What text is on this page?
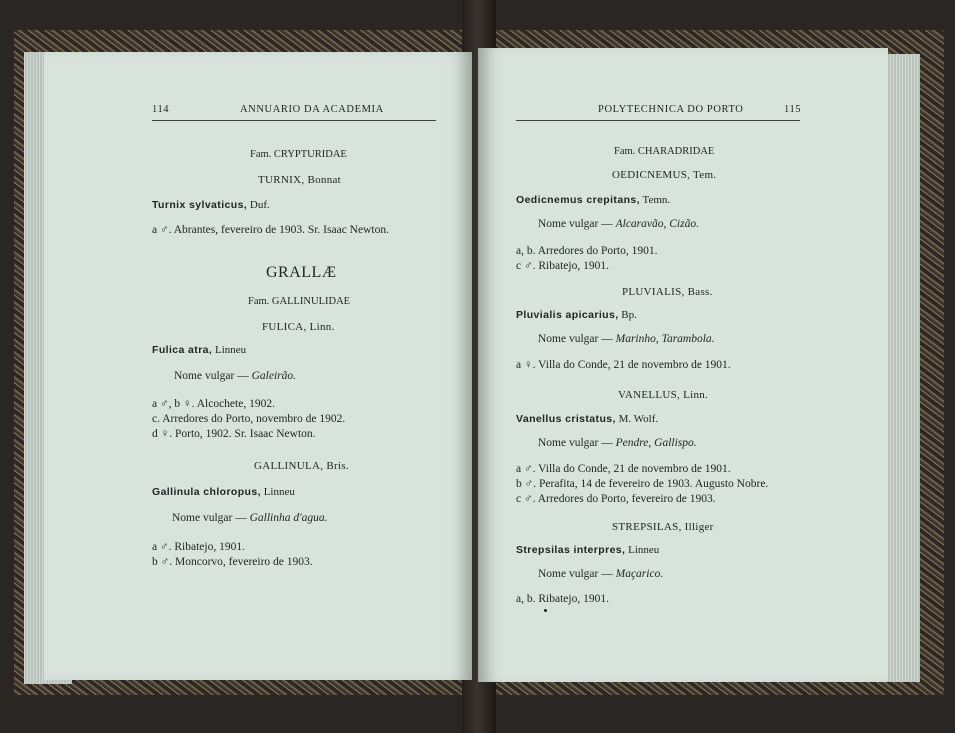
114	ANNUARIO DA ACADEMIA
Fam. CRYPTURIDAE
TURNIX, Bonnat
Turnix sylvaticus, Duf.
a ♂. Abrantes, fevereiro de 1903. Sr. Isaac Newton.
GRALLÆ
Fam. GALLINULIDAE
FULICA, Linn.
Fulica atra, Linneu
Nome vulgar — Galeirão.
a ♂, b ♀. Alcochete, 1902.
c. Arredores do Porto, novembro de 1902.
d ♀. Porto, 1902. Sr. Isaac Newton.
GALLINULA, Bris.
Gallinula chloropus, Linneu
Nome vulgar — Gallinha d'agua.
a ♂. Ribatejo, 1901.
b ♂. Moncorvo, fevereiro de 1903.
POLYTECHNICA DO PORTO	115
Fam. CHARADRIDAE
OEDICNEMUS, Tem.
Oedicnemus crepitans, Temn.
Nome vulgar — Alcaravão, Cizão.
a, b. Arredores do Porto, 1901.
c ♂. Ribatejo, 1901.
PLUVIALIS, Bass.
Pluvialis apicarius, Bp.
Nome vulgar — Marinho, Tarambola.
a ♀. Villa do Conde, 21 de novembro de 1901.
VANELLUS, Linn.
Vanellus cristatus, M. Wolf.
Nome vulgar — Pendre, Gallispo.
a ♂. Villa do Conde, 21 de novembro de 1901.
b ♂. Perafita, 14 de fevereiro de 1903. Augusto Nobre.
c ♂. Arredores do Porto, fevereiro de 1903.
STREPSILAS, Illiger
Strepsilas interpres, Linneu
Nome vulgar — Maçarico.
a, b. Ribatejo, 1901.
